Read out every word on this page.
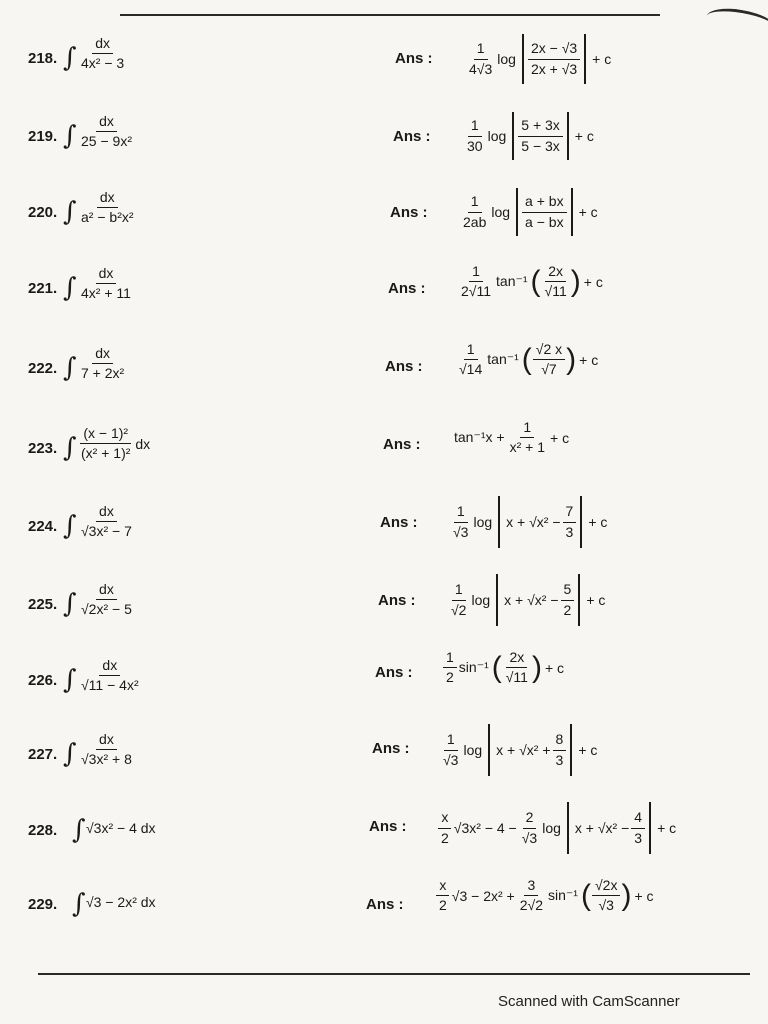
218. ∫ $\frac{dx}{\text{4x² − 3}}$	Ans : $\frac{1}{4√3}$ $\log \frac{2x - √3}{2x + √3} + c$
219. ∫ $\frac{dx}{\text{25 − 9x²}}$	Ans : $\frac{1}{30}$ $\log \frac{5 + 3x}{5 - 3x} + c$
220. ∫ $\frac{dx}{\text{a² − b²x²}}$	Ans : $\frac{1}{2ab}$ $\log \frac{a + bx}{a - bx} + c$
221. ∫ $\frac{dx}{\text{4x² + 11}}$	Ans : $\frac{1}{2√11} \tan^{-1}$ ( $\frac{2x}{√11}$ ) + c
222. ∫ $\frac{dx}{\text{7 + 2x²}}$	Ans : $\frac{1}{√14} \tan^{-1}$ ( $\frac{√2 x}{√7}$ ) + c
223. ∫ $\frac{\text{(x − 1)²}}{\text{(x² + 1)²}}$ dx	Ans : $\tan^{-1}x + \frac{1}{\text{x² + 1}} + c$
224. ∫ $\frac{dx}{\text{√3x² − 7}}$	Ans : $\frac{1}{√3}$ $\log x + √x^2 - \frac{7}{3} + c$
225. ∫ $\frac{dx}{\text{√2x² − 5}}$	Ans : $\frac{1}{√2}$ $\log x + √x^2 - \frac{5}{2} + c$
226. ∫ $\frac{dx}{\text{√11 − 4x²}}$	Ans : $\frac{1}{2} \sin^{-1}$ ( $\frac{2x}{√11}$ ) + c
227. ∫ $\frac{dx}{\text{√3x² + 8}}$	Ans : $\frac{1}{√3}$ $\log x + √x^2 + \frac{8}{3} + c$
228. ∫ √3x² − 4 dx	Ans : $\frac{x}{2} √3x^2 - 4 - \frac{2}{√3}$ $\log x + √x^2 - \frac{4}{3} + c$
229. ∫ √3 − 2x² dx	Ans : $\frac{x}{2} √3 - 2x^2 + \frac{3}{2√2} \sin^{-1}$ ( $\frac{√2x}{√3}$ ) + c
Scanned with CamScanner
